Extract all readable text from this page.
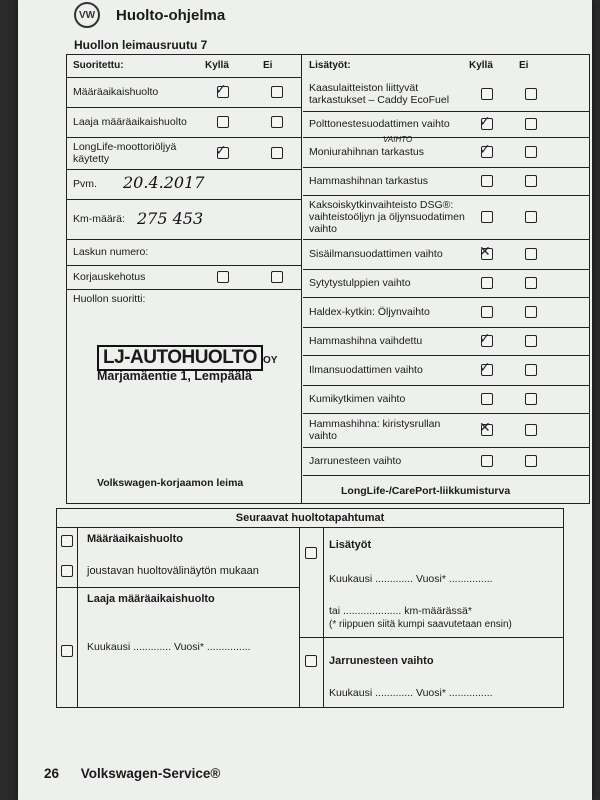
VW	Huolto-ohjelma
Huollon leimausruutu 7
Suoritettu:	Kyllä	Ei
Määräaikaishuolto	✓
Laaja määräaikaishuolto
LongLife-moottoriöljyä käytetty	✓
Pvm. 20.4.2017
Km-määrä: 275 453
Laskun numero:
Korjauskehotus
Huollon suoritti:
LJ-AUTOHUOLTO OY
Marjamäentie 1, Lempäälä
Volkswagen-korjaamon leima
Lisätyöt:	Kyllä	Ei
Kaasulaitteiston liittyvät tarkastukset – Caddy EcoFuel
Polttonestesuodattimen vaihto	✓
Moniurahihnan tarkastus	✓
VAIHTO
Hammashihnan tarkastus
Kaksoiskytkinvaihteisto DSG®: vaihteistoöljyn ja öljynsuodatimen vaihto
Sisäilmansuodattimen vaihto	✕
Sytytystulppien vaihto
Haldex-kytkin: Öljynvaihto
Hammashihna vaihdettu	✓
Ilmansuodattimen vaihto	✓
Kumikytkimen vaihto
Hammashihna: kiristysrullan vaihto	✕
Jarrunesteen vaihto
LongLife-/CarePort-liikkumisturva
Seuraavat huoltotapahtumat
Määräaikaishuolto
joustavan huoltovälinäytön mukaan
Laaja määräaikaishuolto
Kuukausi ............. Vuosi* ...............
Lisätyöt
Kuukausi ............. Vuosi* ...............
tai .................... km-määrässä*
(* riippuen siitä kumpi saavutetaan ensin)
Jarrunesteen vaihto
Kuukausi ............. Vuosi* ...............
26 Volkswagen-Service®
